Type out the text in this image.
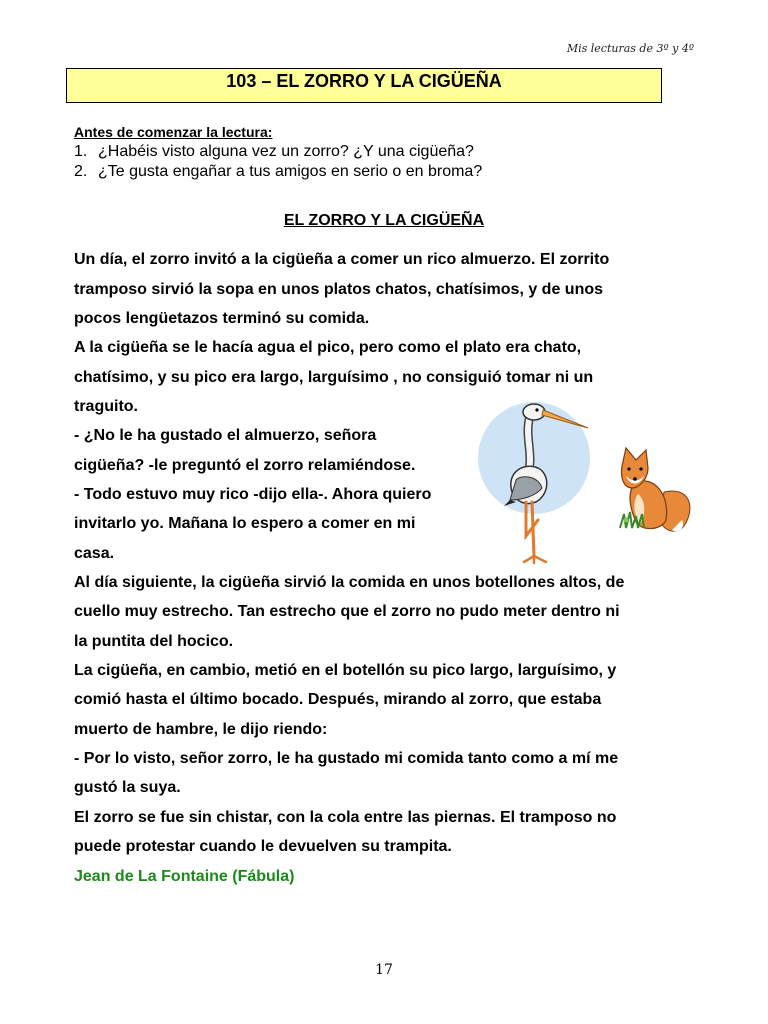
Mis lecturas de 3º y 4º
103 – EL ZORRO Y LA CIGÜEÑA
Antes de comenzar la lectura:
1. ¿Habéis visto alguna vez un zorro? ¿Y una cigüeña?
2. ¿Te gusta engañar a tus amigos en serio o en broma?
EL ZORRO Y LA CIGÜEÑA
Un día, el zorro invitó a la cigüeña a comer un rico almuerzo. El zorrito
tramposo sirvió la sopa en unos platos chatos, chatísimos, y de unos
pocos lengüetazos terminó su comida.
A la cigüeña se le hacía agua el pico, pero como el plato era chato,
chatísimo, y su pico era largo, larguísimo , no consiguió tomar ni un
traguito.
- ¿No le ha gustado el almuerzo, señora
cigüeña? -le preguntó el zorro relamiéndose.
- Todo estuvo muy rico -dijo ella-. Ahora quiero
invitarlo yo. Mañana lo espero a comer en mi
casa.
Al día siguiente, la cigüeña sirvió la comida en unos botellones altos, de
cuello muy estrecho. Tan estrecho que el zorro no pudo meter dentro ni
la puntita del hocico.
La cigüeña, en cambio, metió en el botellón su pico largo, larguísimo, y
comió hasta el último bocado. Después, mirando al zorro, que estaba
muerto de hambre, le dijo riendo:
- Por lo visto, señor zorro, le ha gustado mi comida tanto como a mí me
gustó la suya.
El zorro se fue sin chistar, con la cola entre las piernas. El tramposo no
puede protestar cuando le devuelven su trampita.
Jean de La Fontaine (Fábula)
17
